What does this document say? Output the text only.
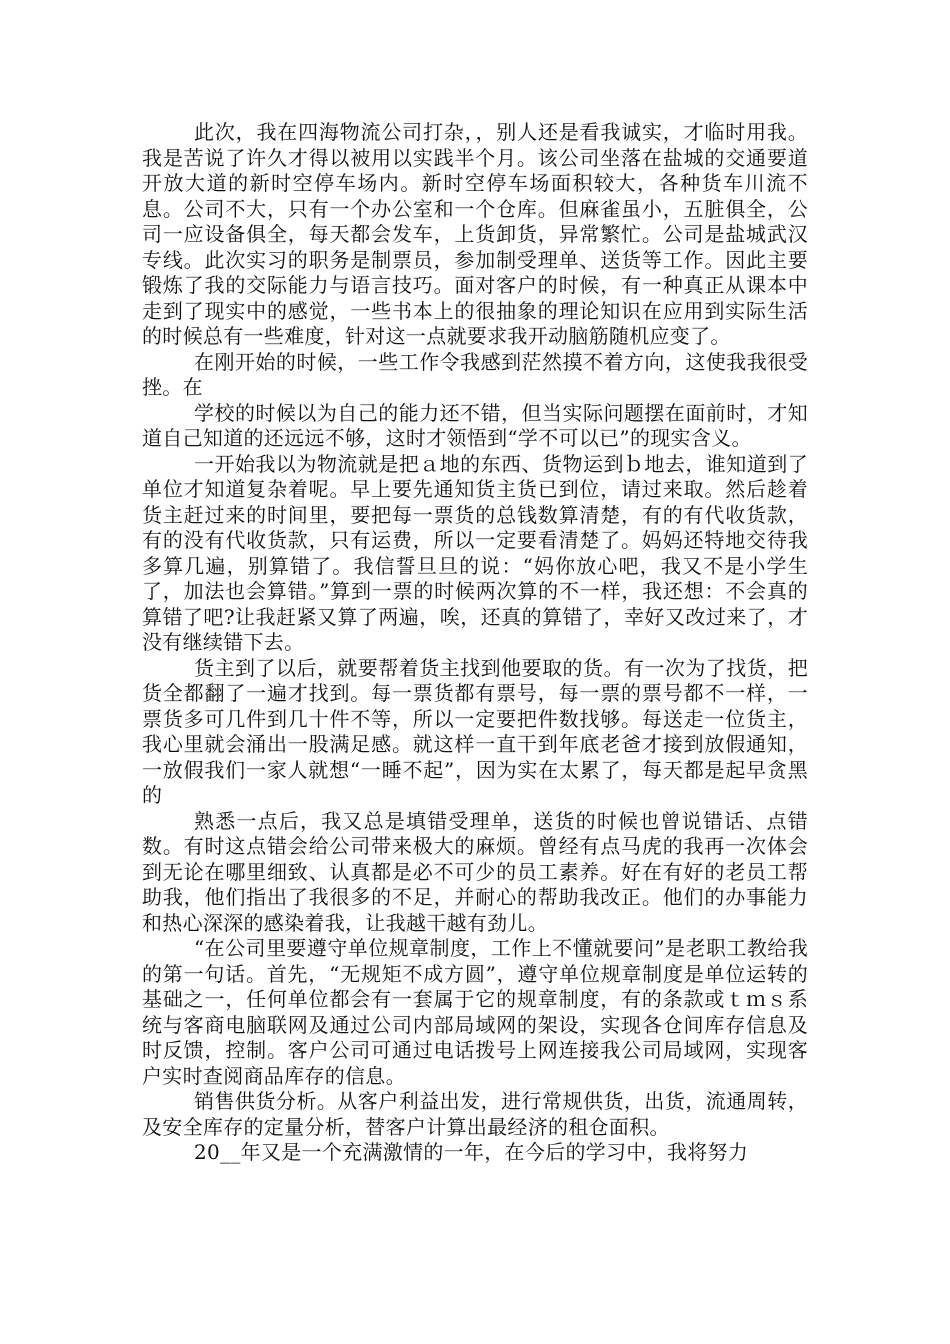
此次，我在四海物流公司打杂，，别人还是看我诚实，才临时用我。我是苦说了许久才得以被用以实践半个月。该公司坐落在盐城的交通要道开放大道的新时空停车场内。新时空停车场面积较大，各种货车川流不息。公司不大，只有一个办公室和一个仓库。但麻雀虽小，五脏俱全，公司一应设备俱全，每天都会发车，上货卸货，异常繁忙。公司是盐城武汉专线。此次实习的职务是制票员，参加制受理单、送货等工作。因此主要锻炼了我的交际能力与语言技巧。面对客户的时候，有一种真正从课本中走到了现实中的感觉，一些书本上的很抽象的理论知识在应用到实际生活的时候总有一些难度，针对这一点就要求我开动脑筋随机应变了。

在刚开始的时候，一些工作令我感到茫然摸不着方向，这使我我很受挫。在

学校的时候以为自己的能力还不错，但当实际问题摆在面前时，才知道自己知道的还远远不够，这时才领悟到“学不可以已”的现实含义。

一开始我以为物流就是把ａ地的东西、货物运到ｂ地去，谁知道到了单位才知道复杂着呢。早上要先通知货主货已到位，请过来取。然后趁着货主赶过来的时间里，要把每一票货的总钱数算清楚，有的有代收货款，有的没有代收货款，只有运费，所以一定要看清楚了。妈妈还特地交待我多算几遍，别算错了。我信誓旦旦的说：“妈你放心吧，我又不是小学生了，加法也会算错。”算到一票的时候两次算的不一样，我还想：不会真的算错了吧?让我赶紧又算了两遍，唉，还真的算错了，幸好又改过来了，才没有继续错下去。

货主到了以后，就要帮着货主找到他要取的货。有一次为了找货，把货全都翻了一遍才找到。每一票货都有票号，每一票的票号都不一样，一票货多可几件到几十件不等，所以一定要把件数找够。每送走一位货主，我心里就会涌出一股满足感。就这样一直干到年底老爸才接到放假通知，一放假我们一家人就想“一睡不起”，因为实在太累了，每天都是起早贪黑的

熟悉一点后，我又总是填错受理单，送货的时候也曾说错话、点错数。有时这点错会给公司带来极大的麻烦。曾经有点马虎的我再一次体会到无论在哪里细致、认真都是必不可少的员工素养。好在有好的老员工帮助我，他们指出了我很多的不足，并耐心的帮助我改正。他们的办事能力和热心深深的感染着我，让我越干越有劲儿。

“在公司里要遵守单位规章制度，工作上不懂就要问”是老职工教给我的第一句话。首先，“无规矩不成方圆”，遵守单位规章制度是单位运转的基础之一，任何单位都会有一套属于它的规章制度，有的条款或ｔｍｓ系统与客商电脑联网及通过公司内部局域网的架设，实现各仓间库存信息及时反馈，控制。客户公司可通过电话拨号上网连接我公司局域网，实现客户实时查阅商品库存的信息。

销售供货分析。从客户利益出发，进行常规供货，出货，流通周转，及安全库存的定量分析，替客户计算出最经济的租仓面积。

20__年又是一个充满激情的一年，在今后的学习中，我将努力
